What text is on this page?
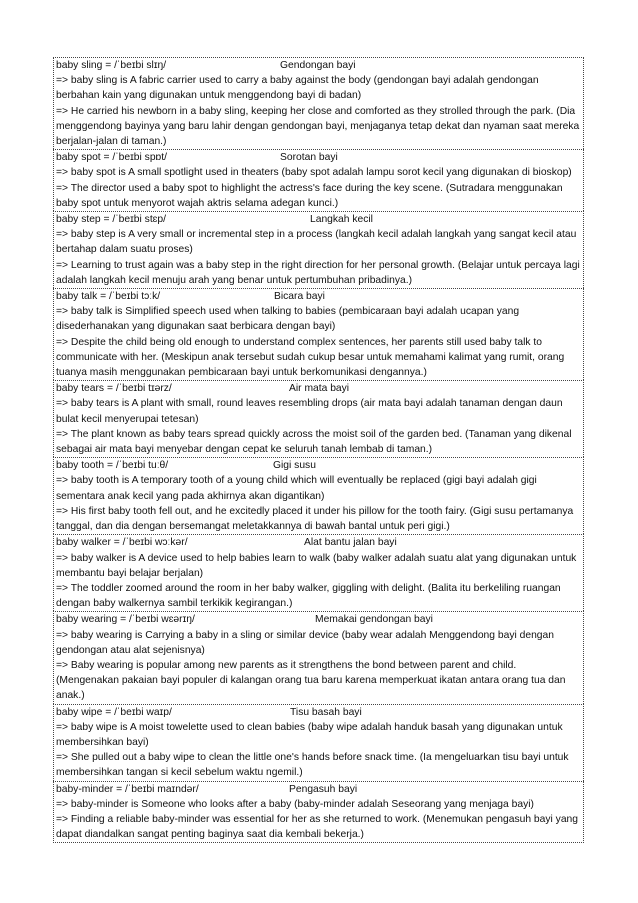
baby sling = /ˈbeɪbi slɪŋ/	Gendongan bayi
=> baby sling is A fabric carrier used to carry a baby against the body (gendongan bayi adalah gendongan berbahan kain yang digunakan untuk menggendong bayi di badan)
=> He carried his newborn in a baby sling, keeping her close and comforted as they strolled through the park. (Dia menggendong bayinya yang baru lahir dengan gendongan bayi, menjaganya tetap dekat dan nyaman saat mereka berjalan-jalan di taman.)
baby spot = /ˈbeɪbi spɒt/	Sorotan bayi
=> baby spot is A small spotlight used in theaters (baby spot adalah lampu sorot kecil yang digunakan di bioskop)
=> The director used a baby spot to highlight the actress's face during the key scene. (Sutradara menggunakan baby spot untuk menyorot wajah aktris selama adegan kunci.)
baby step = /ˈbeɪbi stɛp/	Langkah kecil
=> baby step is A very small or incremental step in a process (langkah kecil adalah langkah yang sangat kecil atau bertahap dalam suatu proses)
=> Learning to trust again was a baby step in the right direction for her personal growth. (Belajar untuk percaya lagi adalah langkah kecil menuju arah yang benar untuk pertumbuhan pribadinya.)
baby talk = /ˈbeɪbi tɔːk/	Bicara bayi
=> baby talk is Simplified speech used when talking to babies (pembicaraan bayi adalah ucapan yang disederhanakan yang digunakan saat berbicara dengan bayi)
=> Despite the child being old enough to understand complex sentences, her parents still used baby talk to communicate with her. (Meskipun anak tersebut sudah cukup besar untuk memahami kalimat yang rumit, orang tuanya masih menggunakan pembicaraan bayi untuk berkomunikasi dengannya.)
baby tears = /ˈbeɪbi tɪərz/	Air mata bayi
=> baby tears is A plant with small, round leaves resembling drops (air mata bayi adalah tanaman dengan daun bulat kecil menyerupai tetesan)
=> The plant known as baby tears spread quickly across the moist soil of the garden bed. (Tanaman yang dikenal sebagai air mata bayi menyebar dengan cepat ke seluruh tanah lembab di taman.)
baby tooth = /ˈbeɪbi tuːθ/	Gigi susu
=> baby tooth is A temporary tooth of a young child which will eventually be replaced (gigi bayi adalah gigi sementara anak kecil yang pada akhirnya akan digantikan)
=> His first baby tooth fell out, and he excitedly placed it under his pillow for the tooth fairy. (Gigi susu pertamanya tanggal, dan dia dengan bersemangat meletakkannya di bawah bantal untuk peri gigi.)
baby walker = /ˈbeɪbi wɔːkər/	Alat bantu jalan bayi
=> baby walker is A device used to help babies learn to walk (baby walker adalah suatu alat yang digunakan untuk membantu bayi belajar berjalan)
=> The toddler zoomed around the room in her baby walker, giggling with delight. (Balita itu berkeliling ruangan dengan baby walkernya sambil terkikik kegirangan.)
baby wearing = /ˈbeɪbi wɛərɪŋ/	Memakai gendongan bayi
=> baby wearing is Carrying a baby in a sling or similar device (baby wear adalah Menggendong bayi dengan gendongan atau alat sejenisnya)
=> Baby wearing is popular among new parents as it strengthens the bond between parent and child. (Mengenakan pakaian bayi populer di kalangan orang tua baru karena memperkuat ikatan antara orang tua dan anak.)
baby wipe = /ˈbeɪbi waɪp/	Tisu basah bayi
=> baby wipe is A moist towelette used to clean babies (baby wipe adalah handuk basah yang digunakan untuk membersihkan bayi)
=> She pulled out a baby wipe to clean the little one's hands before snack time. (Ia mengeluarkan tisu bayi untuk membersihkan tangan si kecil sebelum waktu ngemil.)
baby-minder = /ˈbeɪbi maɪndər/	Pengasuh bayi
=> baby-minder is Someone who looks after a baby (baby-minder adalah Seseorang yang menjaga bayi)
=> Finding a reliable baby-minder was essential for her as she returned to work. (Menemukan pengasuh bayi yang dapat diandalkan sangat penting baginya saat dia kembali bekerja.)
